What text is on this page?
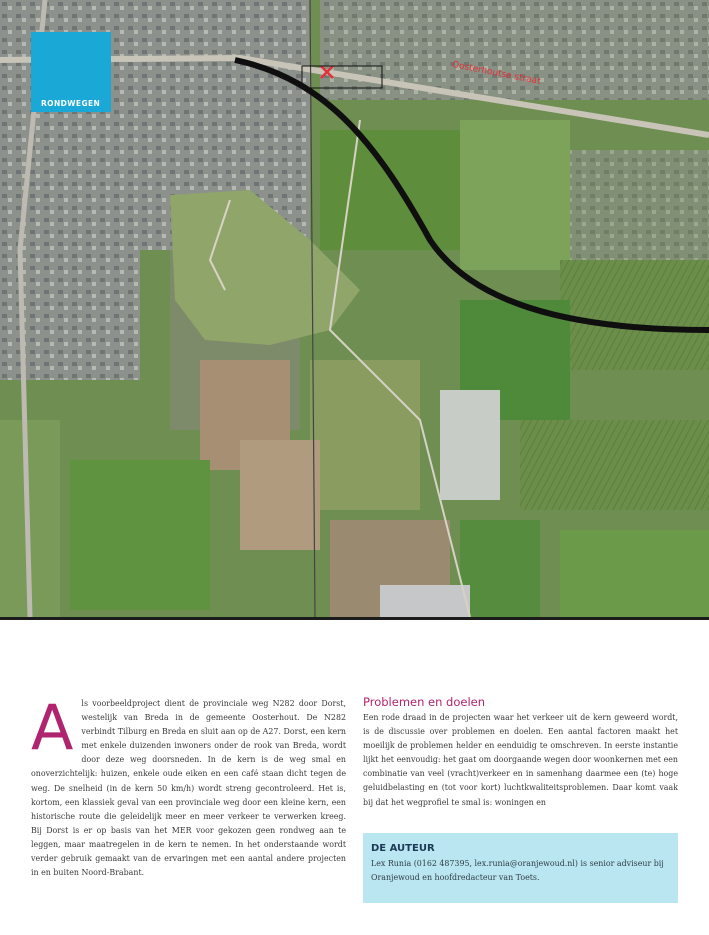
RONDWEGEN
Oosterhoutse straat
A	ls voorbeeldproject dient de provinciale weg N282 door Dorst, westelijk van Breda in de gemeente Oosterhout. De N282 verbindt Tilburg en Breda en sluit aan op de A27. Dorst, een kern met enkele duizenden inwoners onder de rook van Breda, wordt door deze weg doorsneden. In de kern is de weg smal en onoverzichtelijk: huizen, enkele oude eiken en een café staan dicht tegen de weg. De snelheid (in de kern 50 km/h) wordt streng gecontroleerd. Het is, kortom, een klassiek geval van een provinciale weg door een kleine kern, een historische route die geleidelijk meer en meer verkeer te verwerken kreeg. Bij Dorst is er op basis van het MER voor gekozen geen rondweg aan te leggen, maar maatregelen in de kern te nemen. In het onderstaande wordt verder gebruik gemaakt van de ervaringen met een aantal andere projecten in en buiten Noord-Brabant.

Problemen en doelen

Een rode draad in de projecten waar het verkeer uit de kern geweerd wordt, is de discussie over problemen en doelen. Een aantal factoren maakt het moeilijk de problemen helder en eenduidig te omschreven. In eerste instantie lijkt het eenvoudig: het gaat om doorgaande wegen door woonkernen met een combinatie van veel (vracht)verkeer en in samenhang daarmee een (te) hoge geluidbelasting en (tot voor kort) luchtkwaliteitsproblemen. Daar komt vaak bij dat het wegprofiel te smal is: woningen en

DE AUTEUR

Lex Runia (0162 487395, lex.runia@oranjewoud.nl) is senior adviseur bij Oranjewoud en hoofdredacteur van Toets.
